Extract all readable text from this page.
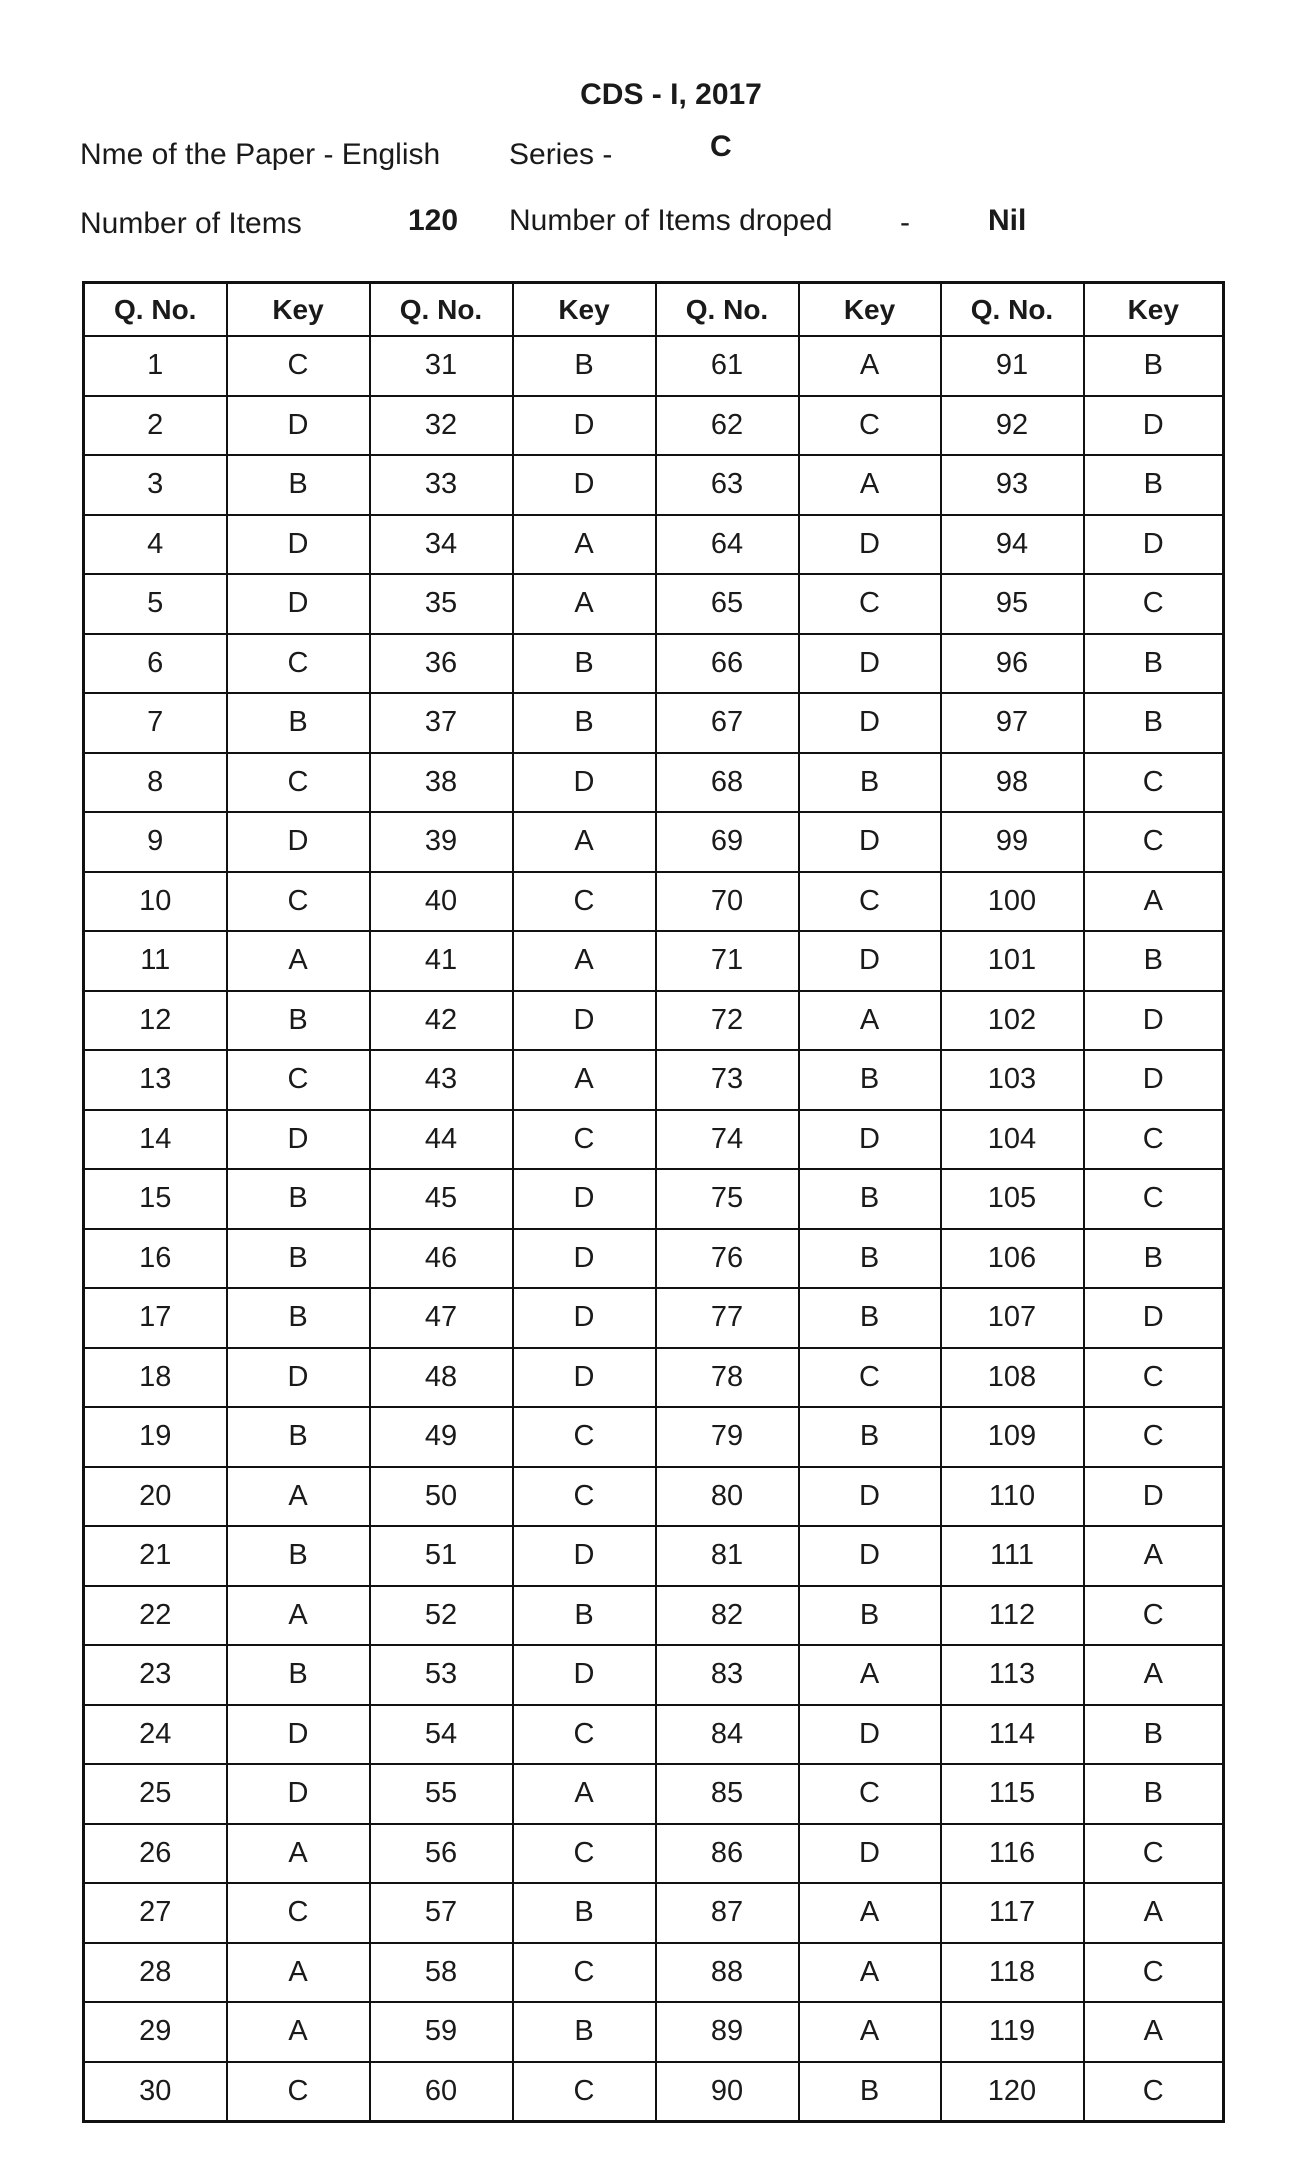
CDS - I, 2017
Nme of the Paper - English Series -	C
Number of Items	120 Number of Items droped -	Nil
Q. No.	Key	Q. No.	Key	Q. No.	Key	Q. No.	Key
1	C	31	B	61	A	91	B
2	D	32	D	62	C	92	D
3	B	33	D	63	A	93	B
4	D	34	A	64	D	94	D
5	D	35	A	65	C	95	C
6	C	36	B	66	D	96	B
7	B	37	B	67	D	97	B
8	C	38	D	68	B	98	C
9	D	39	A	69	D	99	C
10	C	40	C	70	C	100	A
11	A	41	A	71	D	101	B
12	B	42	D	72	A	102	D
13	C	43	A	73	B	103	D
14	D	44	C	74	D	104	C
15	B	45	D	75	B	105	C
16	B	46	D	76	B	106	B
17	B	47	D	77	B	107	D
18	D	48	D	78	C	108	C
19	B	49	C	79	B	109	C
20	A	50	C	80	D	110	D
21	B	51	D	81	D	111	A
22	A	52	B	82	B	112	C
23	B	53	D	83	A	113	A
24	D	54	C	84	D	114	B
25	D	55	A	85	C	115	B
26	A	56	C	86	D	116	C
27	C	57	B	87	A	117	A
28	A	58	C	88	A	118	C
29	A	59	B	89	A	119	A
30	C	60	C	90	B	120	C
